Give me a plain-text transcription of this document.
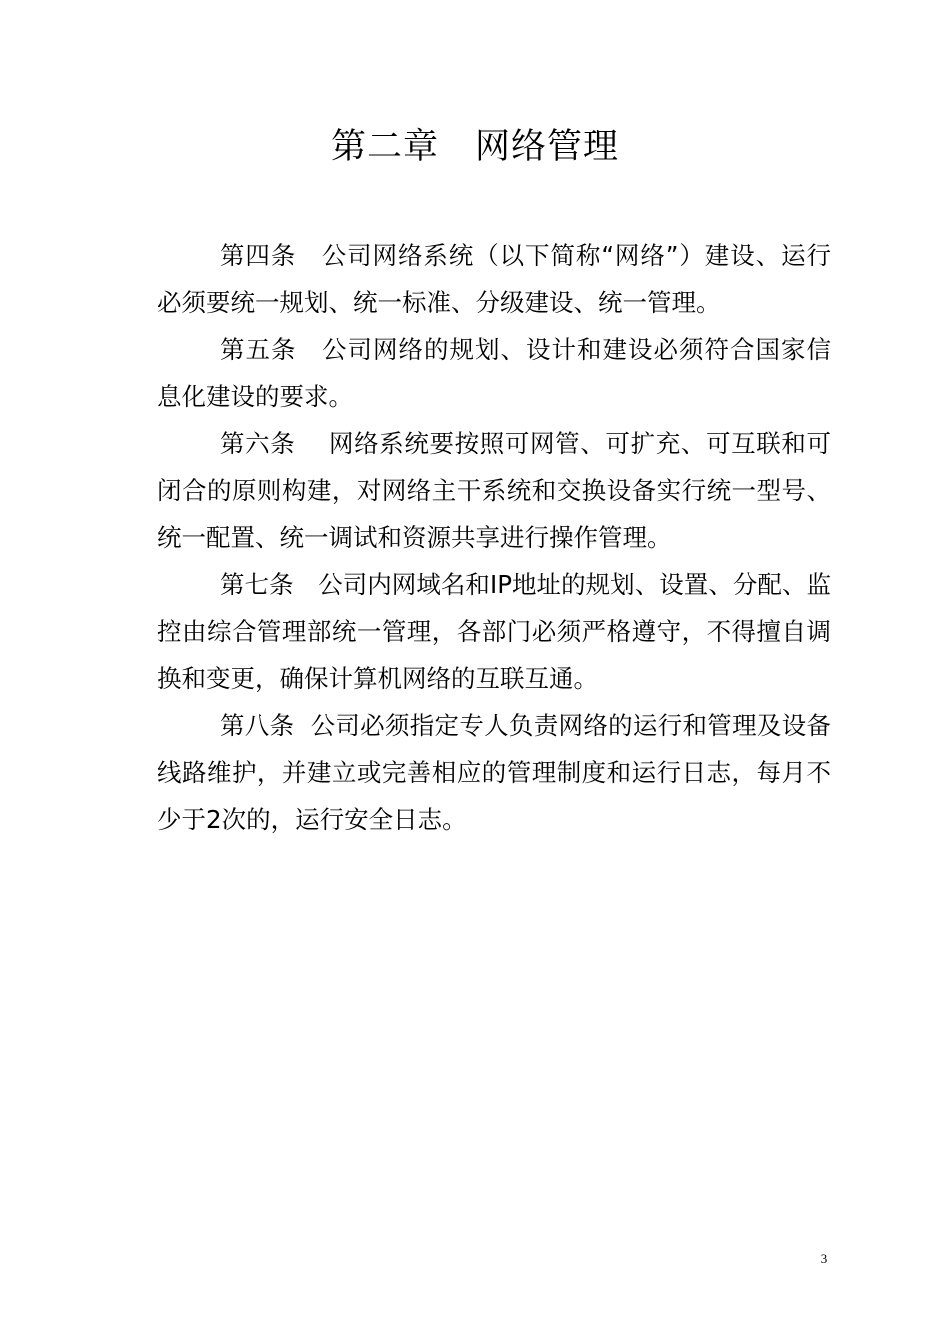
第二章　网络管理

第四条　公司网络系统（以下简称“网络”）建设、运行必须要统一规划、统一标准、分级建设、统一管理。

第五条　公司网络的规划、设计和建设必须符合国家信息化建设的要求。

第六条　 网络系统要按照可网管、可扩充、可互联和可闭合的原则构建，对网络主干系统和交换设备实行统一型号、统一配置、统一调试和资源共享进行操作管理。

第七条　公司内网域名和IP地址的规划、设置、分配、监控由综合管理部统一管理，各部门必须严格遵守，不得擅自调换和变更，确保计算机网络的互联互通。

第八条  公司必须指定专人负责网络的运行和管理及设备线路维护，并建立或完善相应的管理制度和运行日志，每月不少于2次的，运行安全日志。

3
